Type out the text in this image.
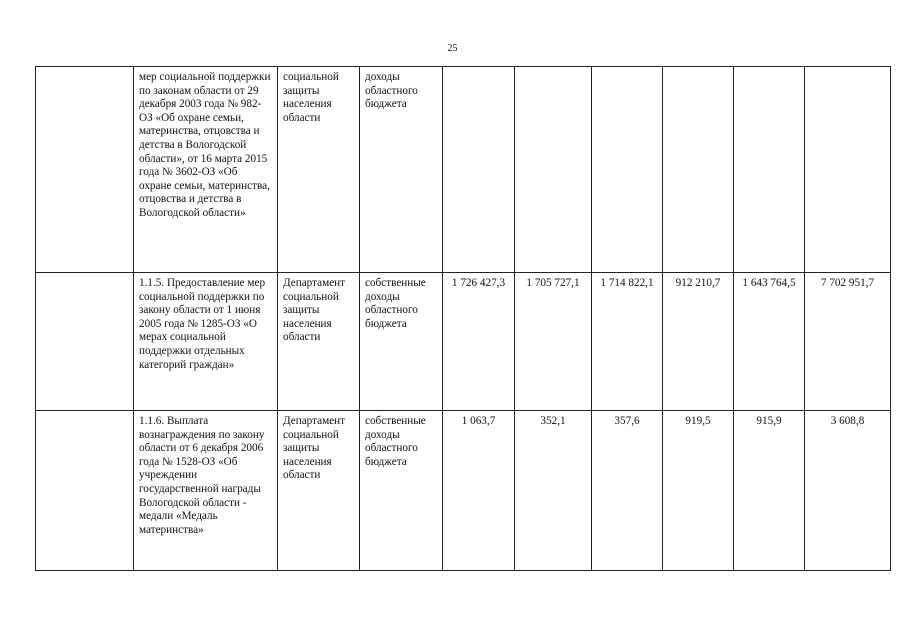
25
	мер социальной поддержки по законам области от 29 декабря 2003 года № 982-ОЗ «Об охране семьи, материнства, отцовства и детства в Вологодской области», от 16 марта 2015 года № 3602-ОЗ «Об охране семьи, материнства, отцовства и детства в Вологодской области»	социальной защиты населения области	доходы областного бюджета						
	1.1.5. Предоставление мер социальной поддержки по закону области от 1 июня 2005 года № 1285-ОЗ «О мерах социальной поддержки отдельных категорий граждан»	Департамент социальной защиты населения области	собственные доходы областного бюджета	1 726 427,3	1 705 727,1	1 714 822,1	912 210,7	1 643 764,5	7 702 951,7
	1.1.6. Выплата вознаграждения по закону области от 6 декабря 2006 года № 1528-ОЗ «Об учреждении государственной награды Вологодской области - медали «Медаль материнства»	Департамент социальной защиты населения области	собственные доходы областного бюджета	1 063,7	352,1	357,6	919,5	915,9	3 608,8
